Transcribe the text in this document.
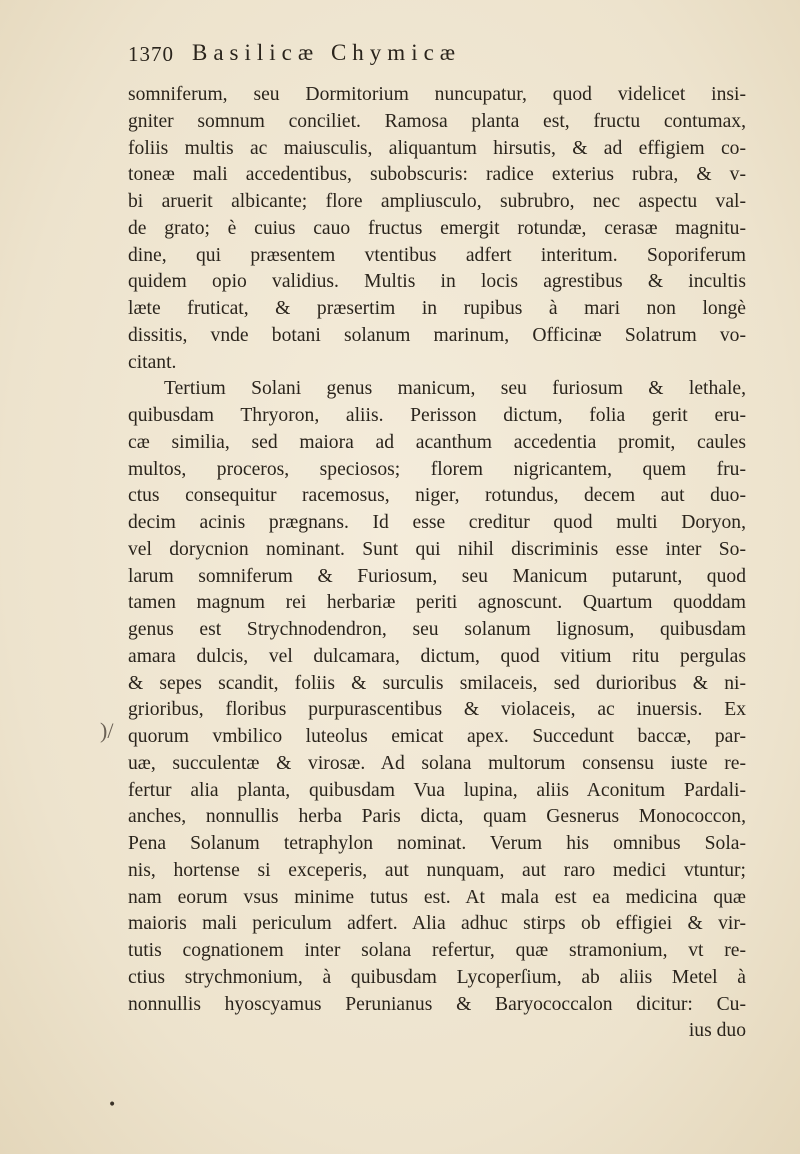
1370 Basilicæ Chymicæ
)/
•
somniferum, seu Dormitorium nuncupatur, quod videlicet insi-
gniter somnum conciliet. Ramosa planta est, fructu contumax,
foliis multis ac maiusculis, aliquantum hirsutis, & ad effigiem co-
toneæ mali accedentibus, subobscuris: radice exterius rubra, & v-
bi aruerit albicante; flore ampliusculo, subrubro, nec aspectu val-
de grato; è cuius cauo fructus emergit rotundæ, cerasæ magnitu-
dine, qui præsentem vtentibus adfert interitum. Soporiferum
quidem opio validius. Multis in locis agrestibus & incultis
læte fruticat, & præsertim in rupibus à mari non longè
dissitis, vnde botani solanum marinum, Officinæ Solatrum vo-
citant.
Tertium Solani genus manicum, seu furiosum & lethale,
quibusdam Thryoron, aliis. Perisson dictum, folia gerit eru-
cæ similia, sed maiora ad acanthum accedentia promit, caules
multos, proceros, speciosos; florem nigricantem, quem fru-
ctus consequitur racemosus, niger, rotundus, decem aut duo-
decim acinis prægnans. Id esse creditur quod multi Doryon,
vel dorycnion nominant. Sunt qui nihil discriminis esse inter So-
larum somniferum & Furiosum, seu Manicum putarunt, quod
tamen magnum rei herbariæ periti agnoscunt. Quartum quoddam
genus est Strychnodendron, seu solanum lignosum, quibusdam
amara dulcis, vel dulcamara, dictum, quod vitium ritu pergulas
& sepes scandit, foliis & surculis smilaceis, sed durioribus & ni-
grioribus, floribus purpurascentibus & violaceis, ac inuersis. Ex
quorum vmbilico luteolus emicat apex. Succedunt baccæ, par-
uæ, succulentæ & virosæ. Ad solana multorum consensu iuste re-
fertur alia planta, quibusdam Vua lupina, aliis Aconitum Pardali-
anches, nonnullis herba Paris dicta, quam Gesnerus Monococcon,
Pena Solanum tetraphylon nominat. Verum his omnibus Sola-
nis, hortense si exceperis, aut nunquam, aut raro medici vtuntur;
nam eorum vsus minime tutus est. At mala est ea medicina quæ
maioris mali periculum adfert. Alia adhuc stirps ob effigiei & vir-
tutis cognationem inter solana refertur, quæ stramonium, vt re-
ctius strychmonium, à quibusdam Lycoperſium, ab aliis Metel à
nonnullis hyoscyamus Perunianus & Baryococcalon dicitur: Cu-
ius duo
